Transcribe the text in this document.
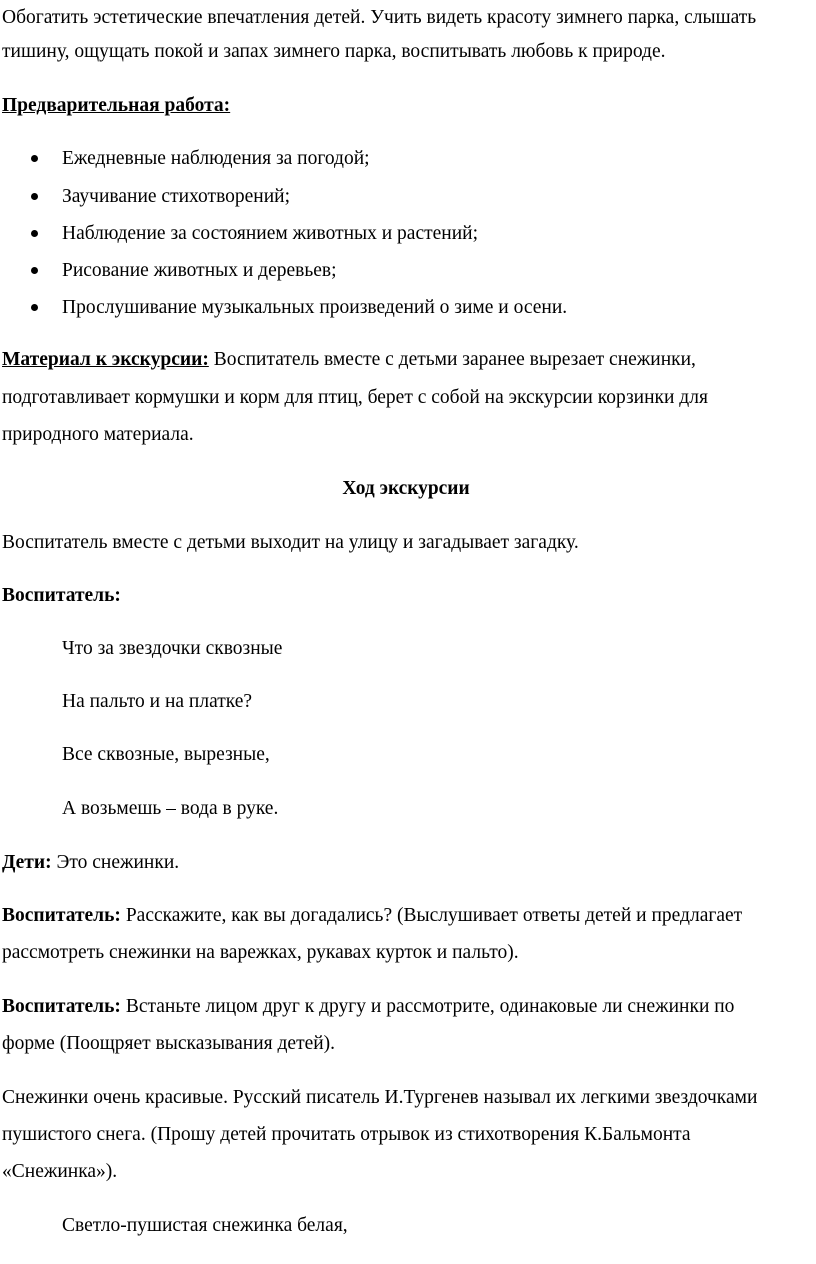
Обогатить эстетические впечатления детей. Учить видеть красоту зимнего парка, слышать
тишину, ощущать покой и запах зимнего парка, воспитывать любовь к природе.
Предварительная работа:
Ежедневные наблюдения за погодой;
Заучивание стихотворений;
Наблюдение за состоянием животных и растений;
Рисование животных и деревьев;
Прослушивание музыкальных произведений о зиме и осени.
Материал к экскурсии: Воспитатель вместе с детьми заранее вырезает снежинки,
подготавливает кормушки и корм для птиц, берет с собой на экскурсии корзинки для
природного материала.
Ход экскурсии
Воспитатель вместе с детьми выходит на улицу и загадывает загадку.
Воспитатель:
Что за звездочки сквозные
На пальто и на платке?
Все сквозные, вырезные,
А возьмешь – вода в руке.
Дети: Это снежинки.
Воспитатель: Расскажите, как вы догадались? (Выслушивает ответы детей и предлагает
рассмотреть снежинки на варежках, рукавах курток и пальто).
Воспитатель: Встаньте лицом друг к другу и рассмотрите, одинаковые ли снежинки по
форме (Поощряет высказывания детей).
Снежинки очень красивые. Русский писатель И.Тургенев называл их легкими звездочками
пушистого снега. (Прошу детей прочитать отрывок из стихотворения К.Бальмонта
«Снежинка»).
Светло-пушистая снежинка белая,
